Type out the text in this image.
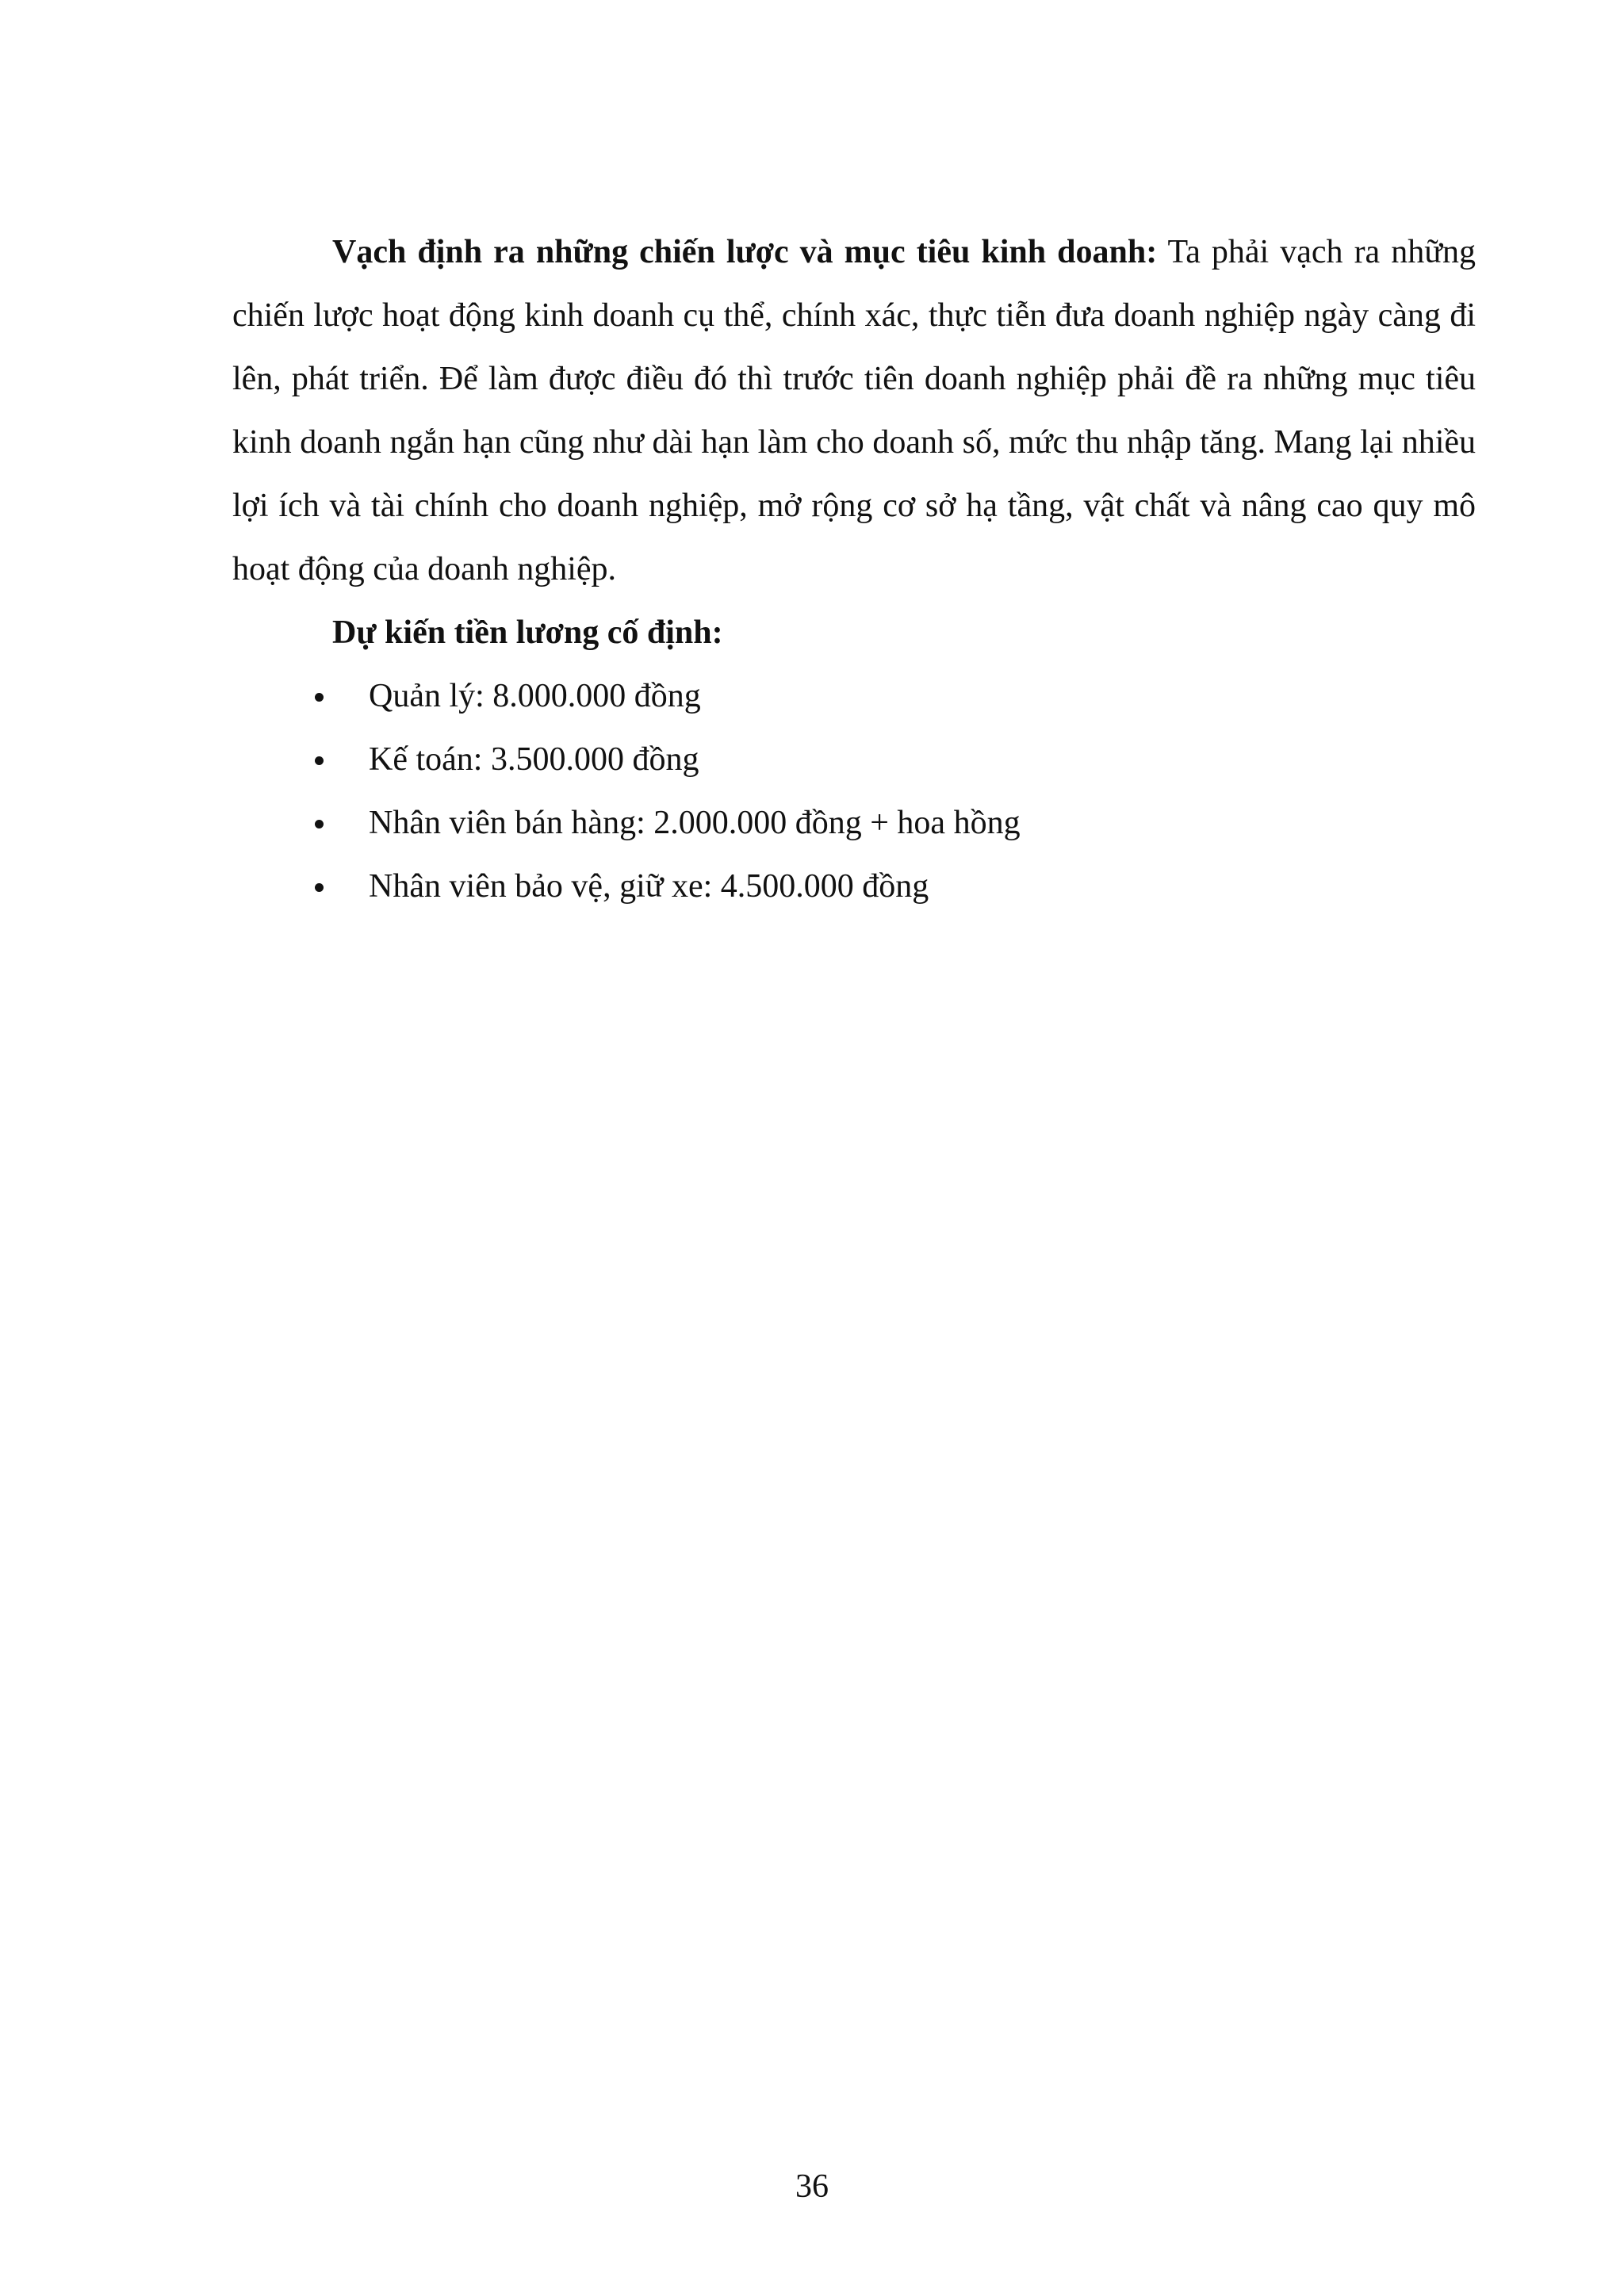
Vạch định ra những chiến lược và mục tiêu kinh doanh: Ta phải vạch ra những chiến lược hoạt động kinh doanh cụ thể, chính xác, thực tiễn đưa doanh nghiệp ngày càng đi lên, phát triển. Để làm được điều đó thì trước tiên doanh nghiệp phải đề ra những mục tiêu kinh doanh ngắn hạn cũng như dài hạn làm cho doanh số, mức thu nhập tăng. Mang lại nhiều lợi ích và tài chính cho doanh nghiệp, mở rộng cơ sở hạ tầng, vật chất và nâng cao quy mô hoạt động của doanh nghiệp.

Dự kiến tiền lương cố định:

Quản lý: 8.000.000 đồng
Kế toán: 3.500.000 đồng
Nhân viên bán hàng: 2.000.000 đồng + hoa hồng
Nhân viên bảo vệ, giữ xe: 4.500.000 đồng
36
